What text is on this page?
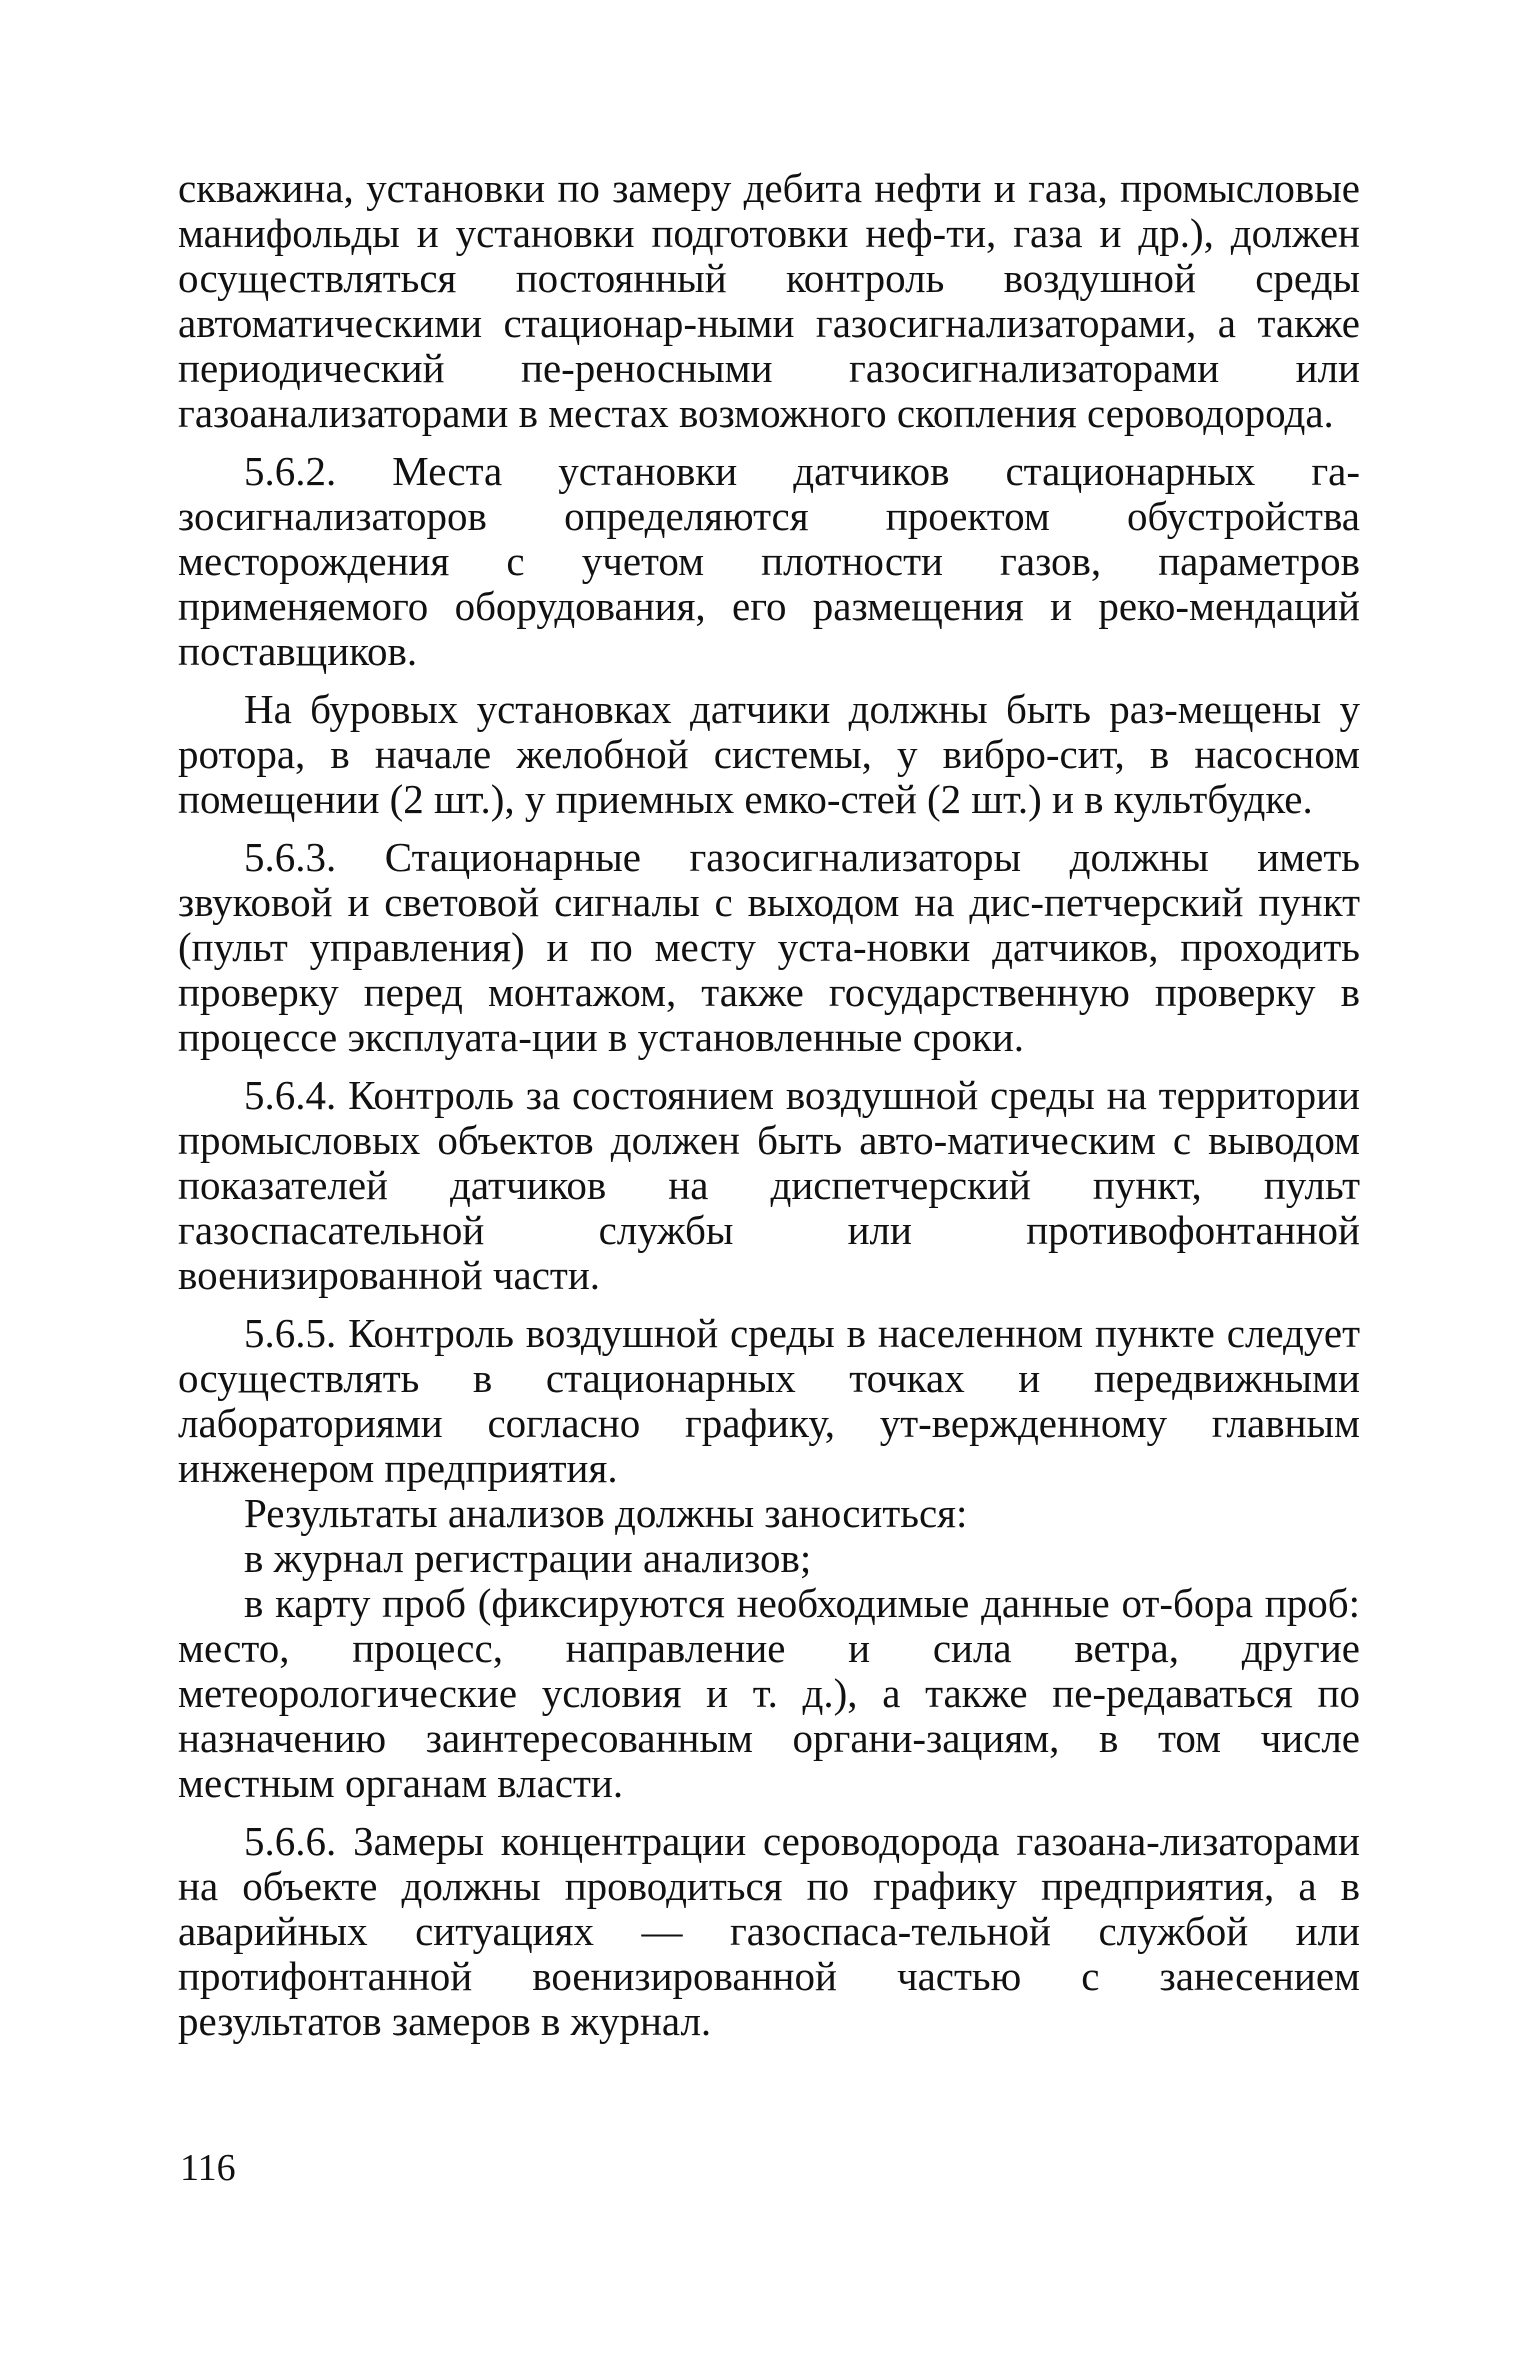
скважина, установки по замеру дебита нефти и газа, промысловые манифольды и установки подготовки неф-ти, газа и др.), должен осуществляться постоянный контроль воздушной среды автоматическими стационар-ными газосигнализаторами, а также периодический пе-реносными газосигнализаторами или газоанализаторами в местах возможного скопления сероводорода.

5.6.2. Места установки датчиков стационарных га-зосигнализаторов определяются проектом обустройства месторождения с учетом плотности газов, параметров применяемого оборудования, его размещения и реко-мендаций поставщиков.

На буровых установках датчики должны быть раз-мещены у ротора, в начале желобной системы, у вибро-сит, в насосном помещении (2 шт.), у приемных емко-стей (2 шт.) и в культбудке.

5.6.3. Стационарные газосигнализаторы должны иметь звуковой и световой сигналы с выходом на дис-петчерский пункт (пульт управления) и по месту уста-новки датчиков, проходить проверку перед монтажом, также государственную проверку в процессе эксплуата-ции в установленные сроки.

5.6.4. Контроль за состоянием воздушной среды на территории промысловых объектов должен быть авто-матическим с выводом показателей датчиков на диспетчерский пункт, пульт газоспасательной службы или противофонтанной военизированной части.

5.6.5. Контроль воздушной среды в населенном пункте следует осуществлять в стационарных точках и передвижными лабораториями согласно графику, ут-вержденному главным инженером предприятия.

Результаты анализов должны заноситься:

в журнал регистрации анализов;

в карту проб (фиксируются необходимые данные от-бора проб: место, процесс, направление и сила ветра, другие метеорологические условия и т. д.), а также пе-редаваться по назначению заинтересованным органи-зациям, в том числе местным органам власти.

5.6.6. Замеры концентрации сероводорода газоана-лизаторами на объекте должны проводиться по графику предприятия, а в аварийных ситуациях — газоспаса-тельной службой или протифонтанной военизированной частью с занесением результатов замеров в журнал.

116
